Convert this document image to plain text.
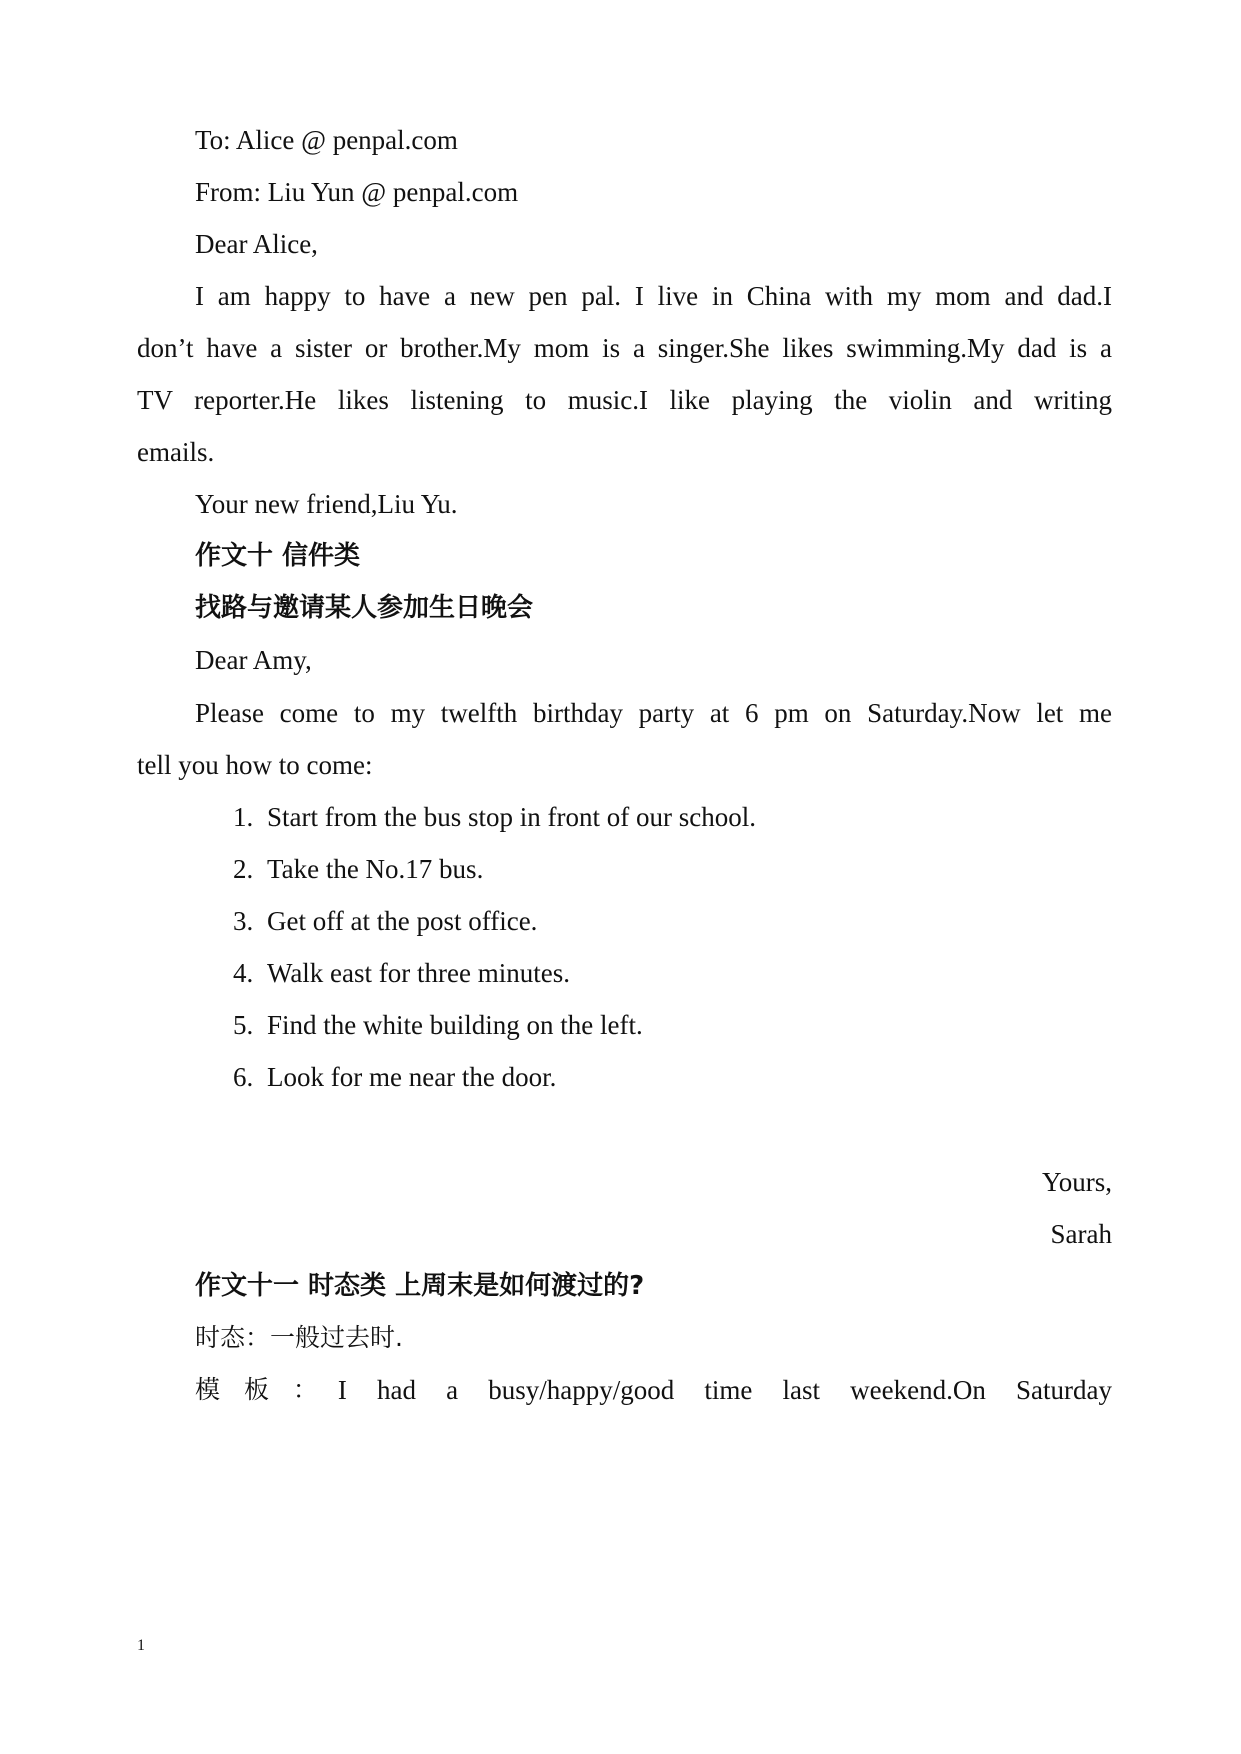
To: Alice @ penpal.com
From: Liu Yun @ penpal.com
Dear Alice,
I am happy to have a new pen pal. I live in China with my mom and dad.I
don’t have a sister or brother.My mom is a singer.She likes swimming.My dad is a
TV reporter.He likes listening to music.I like playing the violin and writing
emails.
Your new friend,Liu Yu.
作文十 信件类
找路与邀请某人参加生日晚会
Dear Amy,
Please come to my twelfth birthday party at 6 pm on Saturday.Now let me
tell you how to come:
1. Start from the bus stop in front of our school.
2. Take the No.17 bus.
3. Get off at the post office.
4. Walk east for three minutes.
5. Find the white building on the left.
6. Look for me near the door.
Yours,
Sarah
作文十一 时态类 上周末是如何渡过的?
时态：一般过去时.
模 板 ： I had a busy/happy/good time last weekend.On Saturday
1
